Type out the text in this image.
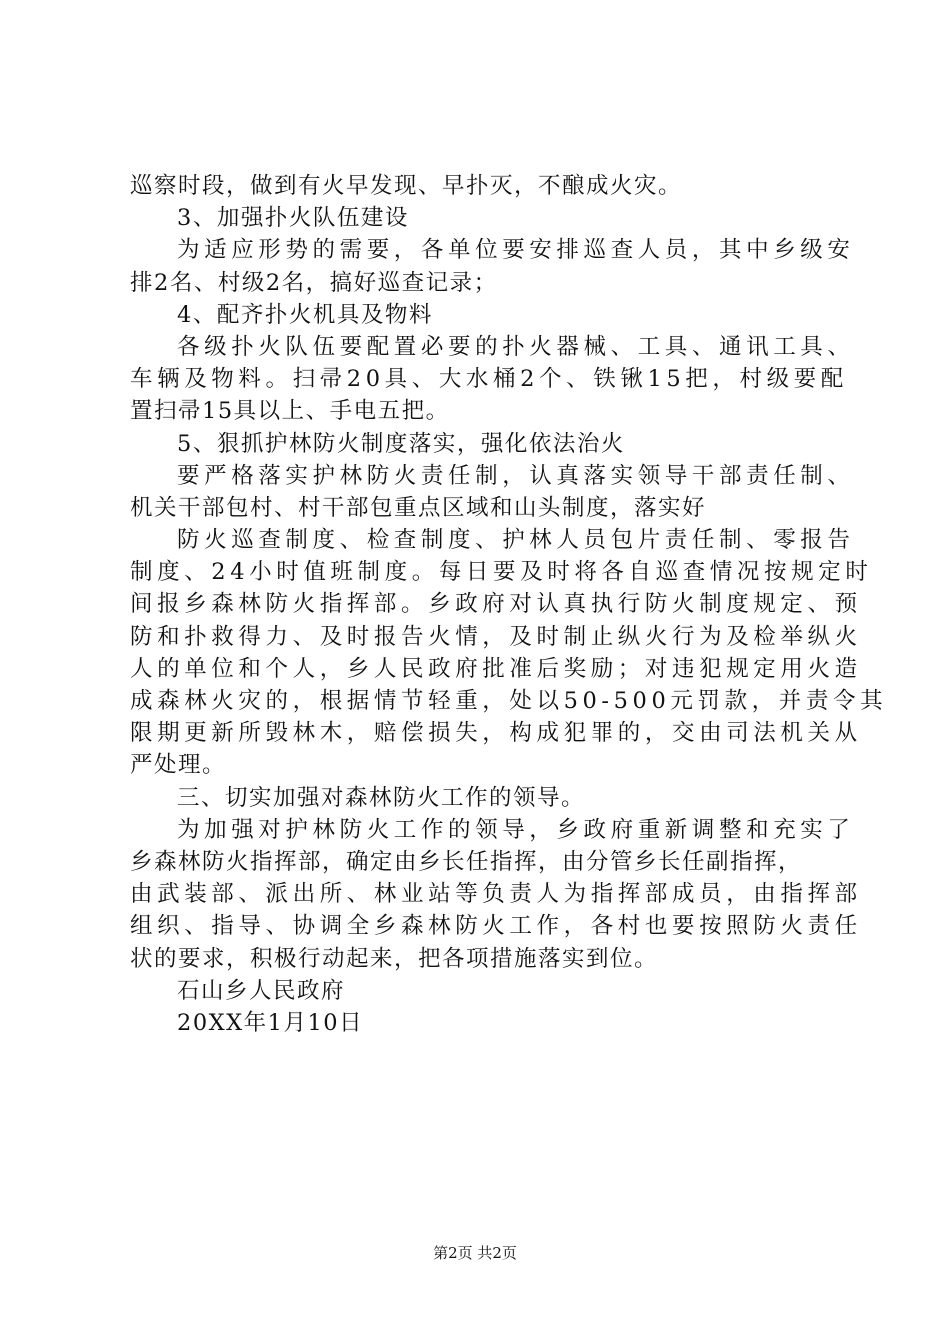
巡察时段，做到有火早发现、早扑灭，不酿成火灾。
3、加强扑火队伍建设
为适应形势的需要，各单位要安排巡查人员，其中乡级安
排2名、村级2名，搞好巡查记录；
4、配齐扑火机具及物料
各级扑火队伍要配置必要的扑火器械、工具、通讯工具、
车辆及物料。扫帚20具、大水桶2个、铁锹15把，村级要配
置扫帚15具以上、手电五把。
5、狠抓护林防火制度落实，强化依法治火
要严格落实护林防火责任制，认真落实领导干部责任制、
机关干部包村、村干部包重点区域和山头制度，落实好
防火巡查制度、检查制度、护林人员包片责任制、零报告
制度、24小时值班制度。每日要及时将各自巡查情况按规定时
间报乡森林防火指挥部。乡政府对认真执行防火制度规定、预
防和扑救得力、及时报告火情，及时制止纵火行为及检举纵火
人的单位和个人，乡人民政府批准后奖励；对违犯规定用火造
成森林火灾的，根据情节轻重，处以50-500元罚款，并责令其
限期更新所毁林木，赔偿损失，构成犯罪的，交由司法机关从
严处理。
三、切实加强对森林防火工作的领导。
为加强对护林防火工作的领导，乡政府重新调整和充实了
乡森林防火指挥部，确定由乡长任指挥，由分管乡长任副指挥，
由武装部、派出所、林业站等负责人为指挥部成员，由指挥部
组织、指导、协调全乡森林防火工作，各村也要按照防火责任
状的要求，积极行动起来，把各项措施落实到位。
石山乡人民政府
20XX年1月10日
第2页 共2页
